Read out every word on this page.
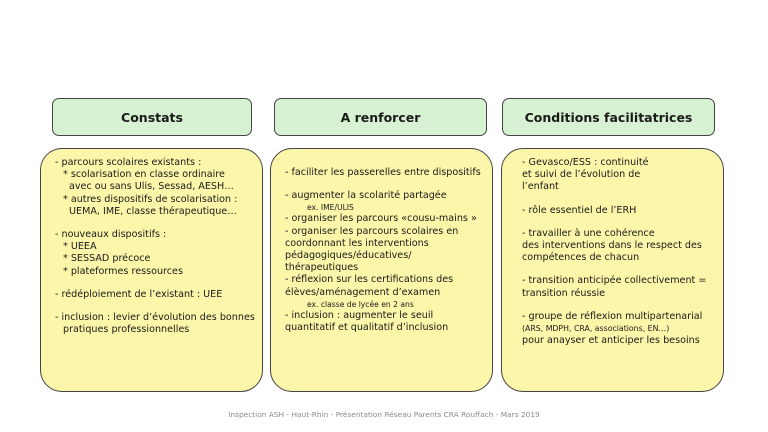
Constats	A renforcer	Conditions facilitatrices

- parcours scolaires existants :

* scolarisation en classe ordinaire

avec ou sans Ulis, Sessad, AESH…

* autres dispositifs de scolarisation :

UEMA, IME, classe thérapeutique…

- nouveaux dispositifs :

* UEEA

* SESSAD précoce

* plateformes ressources

- rédéploiement de l’existant : UEE

- inclusion : levier d’évolution des bonnes

pratiques professionnelles

- faciliter les passerelles entre dispositifs

- augmenter la scolarité partagée

ex. IME/ULIS

- organiser les parcours «cousu-mains »

- organiser les parcours scolaires en

coordonnant les interventions

pédagogiques/éducatives/

thérapeutiques

- réflexion sur les certifications des

élèves/aménagement d’examen

ex. classe de lycée en 2 ans

- inclusion : augmenter le seuil

quantitatif et qualitatif d’inclusion

- Gevasco/ESS : continuité

et suivi de l’évolution de

l’enfant

- rôle essentiel de l’ERH

- travailler à une cohérence

des interventions dans le respect des

compétences de chacun

- transition anticipée collectivement =

transition réussie

- groupe de réflexion multipartenarial

(ARS, MDPH, CRA, associations, EN…)

pour anayser et anticiper les besoins

Inspection ASH - Haut-Rhin - Présentation Réseau Parents CRA Rouffach - Mars 2019
